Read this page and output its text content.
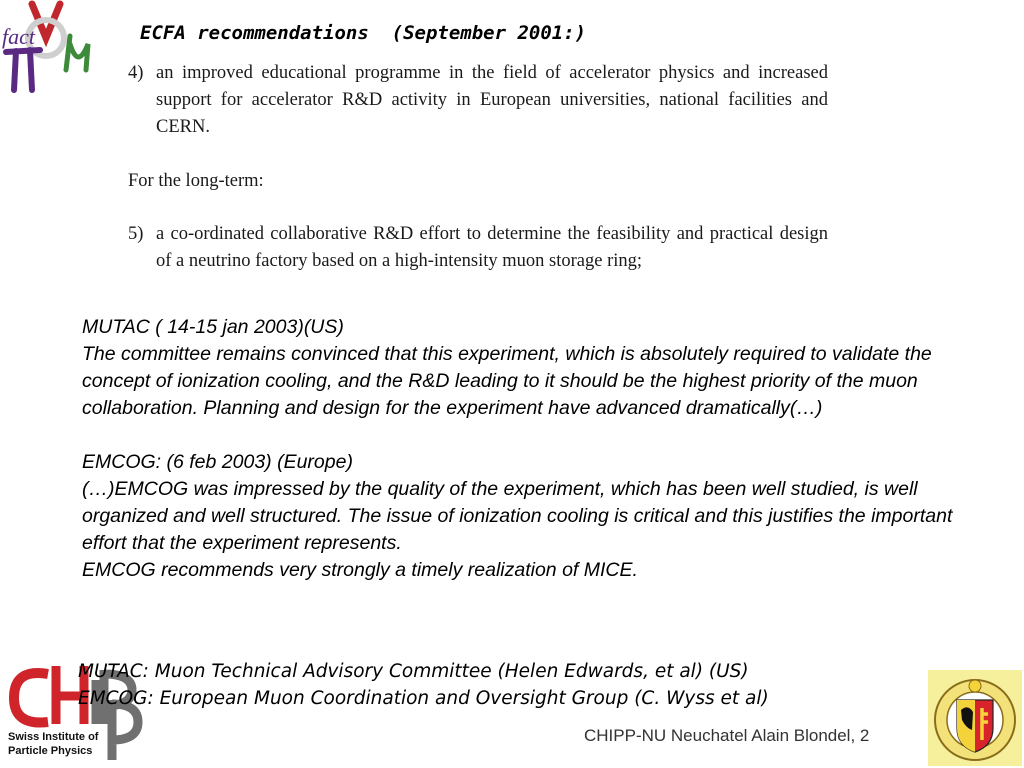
fact	ECFA recommendations  (September 2001:)
4) an improved educational programme in the field of accelerator physics and increased support for accelerator R&D activity in European universities, national facilities and CERN.
For the long-term:
5) a co-ordinated collaborative R&D effort to determine the feasibility and practical design of a neutrino factory based on a high-intensity muon storage ring;

MUTAC ( 14-15 jan 2003)(US)

The committee remains convinced that this experiment, which is absolutely required to validate the concept of ionization cooling, and the R&D leading to it should be the highest priority of the muon collaboration. Planning and design for the experiment have advanced dramatically(…)

EMCOG: (6 feb 2003) (Europe)

(…)EMCOG was impressed by the quality of the experiment, which has been well studied, is well organized and well structured. The issue of ionization cooling is critical and this justifies the important effort that the experiment represents.

EMCOG recommends very strongly a timely realization of MICE.

Swiss Institute of
Particle Physics
MUTAC: Muon Technical Advisory Committee (Helen Edwards, et al) (US)
EMCOG: European Muon Coordination and Oversight Group (C. Wyss et al)
CHIPP-NU Neuchatel Alain Blondel, 2
